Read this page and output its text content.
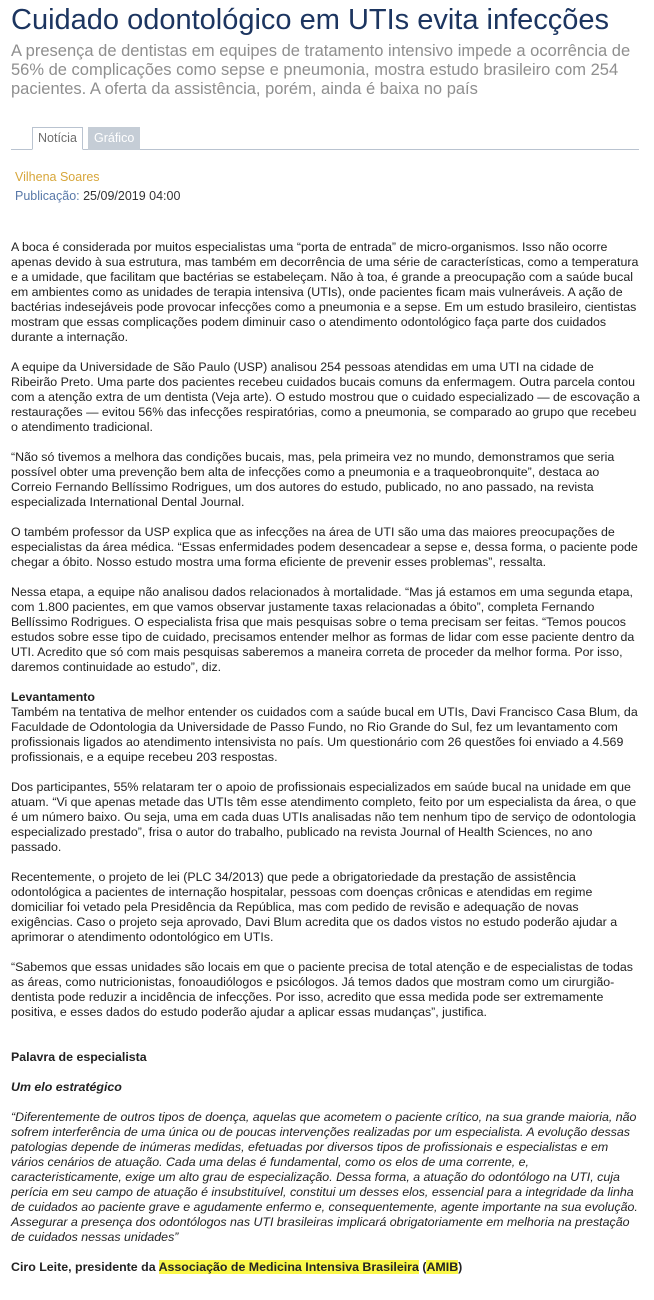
Cuidado odontológico em UTIs evita infecções

A presença de dentistas em equipes de tratamento intensivo impede a ocorrência de 56% de complicações como sepse e pneumonia, mostra estudo brasileiro com 254 pacientes. A oferta da assistência, porém, ainda é baixa no país

Notícia	Gráfico
Vilhena Soares
Publicação: 25/09/2019 04:00

A boca é considerada por muitos especialistas uma “porta de entrada” de micro-organismos. Isso não ocorre apenas devido à sua estrutura, mas também em decorrência de uma série de características, como a temperatura e a umidade, que facilitam que bactérias se estabeleçam. Não à toa, é grande a preocupação com a saúde bucal em ambientes como as unidades de terapia intensiva (UTIs), onde pacientes ficam mais vulneráveis. A ação de bactérias indesejáveis pode provocar infecções como a pneumonia e a sepse. Em um estudo brasileiro, cientistas mostram que essas complicações podem diminuir caso o atendimento odontológico faça parte dos cuidados durante a internação.

A equipe da Universidade de São Paulo (USP) analisou 254 pessoas atendidas em uma UTI na cidade de Ribeirão Preto. Uma parte dos pacientes recebeu cuidados bucais comuns da enfermagem. Outra parcela contou com a atenção extra de um dentista (Veja arte). O estudo mostrou que o cuidado especializado — de escovação a restaurações — evitou 56% das infecções respiratórias, como a pneumonia, se comparado ao grupo que recebeu o atendimento tradicional.

“Não só tivemos a melhora das condições bucais, mas, pela primeira vez no mundo, demonstramos que seria possível obter uma prevenção bem alta de infecções como a pneumonia e a traqueobronquite”, destaca ao Correio Fernando Bellíssimo Rodrigues, um dos autores do estudo, publicado, no ano passado, na revista especializada International Dental Journal.

O também professor da USP explica que as infecções na área de UTI são uma das maiores preocupações de especialistas da área médica. “Essas enfermidades podem desencadear a sepse e, dessa forma, o paciente pode chegar a óbito. Nosso estudo mostra uma forma eficiente de prevenir esses problemas”, ressalta.

Nessa etapa, a equipe não analisou dados relacionados à mortalidade. “Mas já estamos em uma segunda etapa, com 1.800 pacientes, em que vamos observar justamente taxas relacionadas a óbito”, completa Fernando Bellíssimo Rodrigues. O especialista frisa que mais pesquisas sobre o tema precisam ser feitas. “Temos poucos estudos sobre esse tipo de cuidado, precisamos entender melhor as formas de lidar com esse paciente dentro da UTI. Acredito que só com mais pesquisas saberemos a maneira correta de proceder da melhor forma. Por isso, daremos continuidade ao estudo”, diz.

Levantamento

Também na tentativa de melhor entender os cuidados com a saúde bucal em UTIs, Davi Francisco Casa Blum, da Faculdade de Odontologia da Universidade de Passo Fundo, no Rio Grande do Sul, fez um levantamento com profissionais ligados ao atendimento intensivista no país. Um questionário com 26 questões foi enviado a 4.569 profissionais, e a equipe recebeu 203 respostas.

Dos participantes, 55% relataram ter o apoio de profissionais especializados em saúde bucal na unidade em que atuam. “Vi que apenas metade das UTIs têm esse atendimento completo, feito por um especialista da área, o que é um número baixo. Ou seja, uma em cada duas UTIs analisadas não tem nenhum tipo de serviço de odontologia especializado prestado”, frisa o autor do trabalho, publicado na revista Journal of Health Sciences, no ano passado.

Recentemente, o projeto de lei (PLC 34/2013) que pede a obrigatoriedade da prestação de assistência odontológica a pacientes de internação hospitalar, pessoas com doenças crônicas e atendidas em regime domiciliar foi vetado pela Presidência da República, mas com pedido de revisão e adequação de novas exigências. Caso o projeto seja aprovado, Davi Blum acredita que os dados vistos no estudo poderão ajudar a aprimorar o atendimento odontológico em UTIs.

“Sabemos que essas unidades são locais em que o paciente precisa de total atenção e de especialistas de todas as áreas, como nutricionistas, fonoaudiólogos e psicólogos. Já temos dados que mostram como um cirurgião-dentista pode reduzir a incidência de infecções. Por isso, acredito que essa medida pode ser extremamente positiva, e esses dados do estudo poderão ajudar a aplicar essas mudanças”, justifica.

Palavra de especialista

Um elo estratégico

“Diferentemente de outros tipos de doença, aquelas que acometem o paciente crítico, na sua grande maioria, não sofrem interferência de uma única ou de poucas intervenções realizadas por um especialista. A evolução dessas patologias depende de inúmeras medidas, efetuadas por diversos tipos de profissionais e especialistas e em vários cenários de atuação. Cada uma delas é fundamental, como os elos de uma corrente, e, caracteristicamente, exige um alto grau de especialização. Dessa forma, a atuação do odontólogo na UTI, cuja perícia em seu campo de atuação é insubstituível, constitui um desses elos, essencial para a integridade da linha de cuidados ao paciente grave e agudamente enfermo e, consequentemente, agente importante na sua evolução. Assegurar a presença dos odontólogos nas UTI brasileiras implicará obrigatoriamente em melhoria na prestação de cuidados nessas unidades”

Ciro Leite, presidente da Associação de Medicina Intensiva Brasileira (AMIB)
